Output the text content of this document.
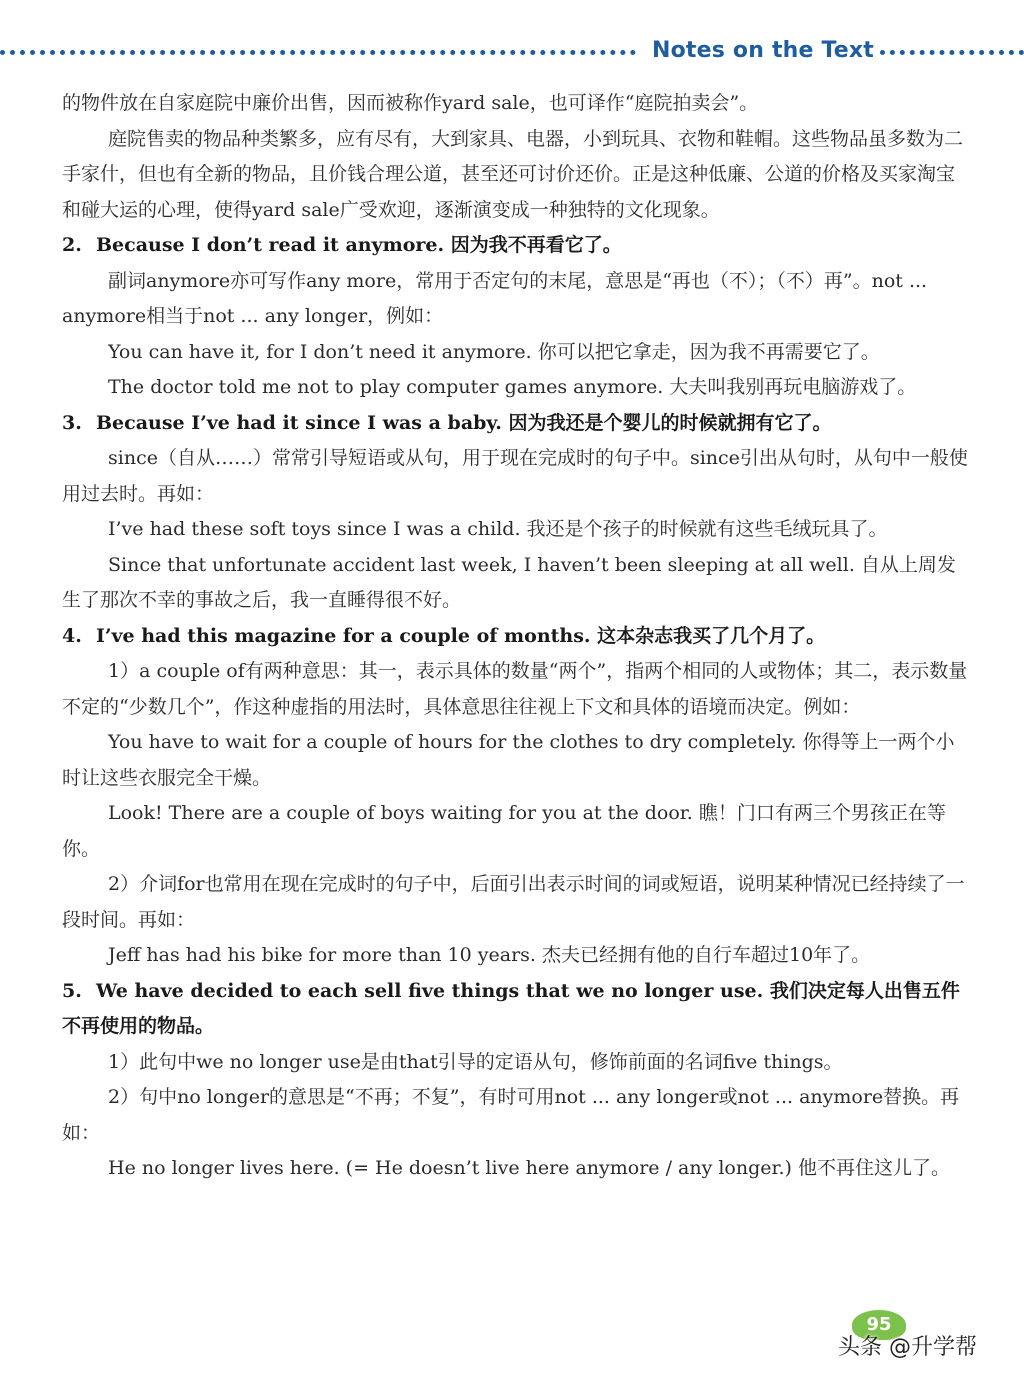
Notes on the Text

的物件放在自家庭院中廉价出售，因而被称作yard sale，也可译作“庭院拍卖会”。

庭院售卖的物品种类繁多，应有尽有，大到家具、电器，小到玩具、衣物和鞋帽。这些物品虽多数为二手家什，但也有全新的物品，且价钱合理公道，甚至还可讨价还价。正是这种低廉、公道的价格及买家淘宝和碰大运的心理，使得yard sale广受欢迎，逐渐演变成一种独特的文化现象。

2. Because I don’t read it anymore. 因为我不再看它了。

副词anymore亦可写作any more，常用于否定句的末尾，意思是“再也（不）；（不）再”。not ... anymore相当于not ... any longer，例如：

You can have it, for I don’t need it anymore. 你可以把它拿走，因为我不再需要它了。

The doctor told me not to play computer games anymore. 大夫叫我别再玩电脑游戏了。

3. Because I’ve had it since I was a baby. 因为我还是个婴儿的时候就拥有它了。

since（自从……）常常引导短语或从句，用于现在完成时的句子中。since引出从句时，从句中一般使用过去时。再如：

I’ve had these soft toys since I was a child. 我还是个孩子的时候就有这些毛绒玩具了。

Since that unfortunate accident last week, I haven’t been sleeping at all well. 自从上周发生了那次不幸的事故之后，我一直睡得很不好。

4. I’ve had this magazine for a couple of months. 这本杂志我买了几个月了。

1）a couple of有两种意思：其一，表示具体的数量“两个”，指两个相同的人或物体；其二，表示数量不定的“少数几个”，作这种虚指的用法时，具体意思往往视上下文和具体的语境而决定。例如：

You have to wait for a couple of hours for the clothes to dry completely. 你得等上一两个小时让这些衣服完全干燥。

Look! There are a couple of boys waiting for you at the door. 瞧！门口有两三个男孩正在等你。

2）介词for也常用在现在完成时的句子中，后面引出表示时间的词或短语，说明某种情况已经持续了一段时间。再如：

Jeff has had his bike for more than 10 years. 杰夫已经拥有他的自行车超过10年了。

5. We have decided to each sell five things that we no longer use. 我们决定每人出售五件不再使用的物品。

1）此句中we no longer use是由that引导的定语从句，修饰前面的名词five things。

2）句中no longer的意思是“不再；不复”，有时可用not ... any longer或not ... anymore替换。再如：

He no longer lives here. (= He doesn’t live here anymore / any longer.) 他不再住这儿了。

95
头条 @升学帮
